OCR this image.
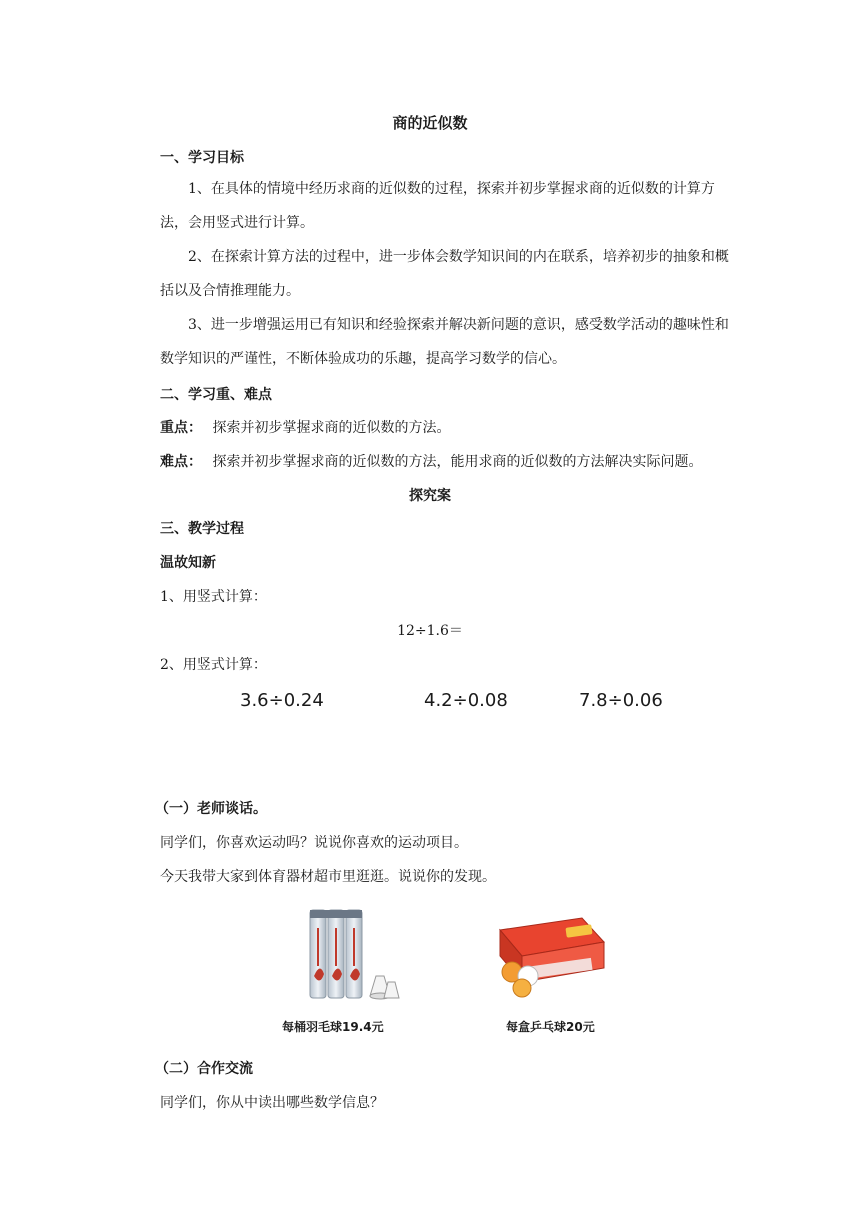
商的近似数
一、学习目标
1、在具体的情境中经历求商的近似数的过程，探索并初步掌握求商的近似数的计算方法，会用竖式进行计算。
2、在探索计算方法的过程中，进一步体会数学知识间的内在联系，培养初步的抽象和概括以及合情推理能力。
3、进一步增强运用已有知识和经验探索并解决新问题的意识，感受数学活动的趣味性和数学知识的严谨性，不断体验成功的乐趣，提高学习数学的信心。
二、学习重、难点
重点： 探索并初步掌握求商的近似数的方法。
难点： 探索并初步掌握求商的近似数的方法，能用求商的近似数的方法解决实际问题。
探究案
三、教学过程
温故知新
1、用竖式计算：
12÷1.6＝
2、用竖式计算：
3.6÷0.24	4.2÷0.08	7.8÷0.06
（一）老师谈话。
同学们，你喜欢运动吗？说说你喜欢的运动项目。
今天我带大家到体育器材超市里逛逛。说说你的发现。
每桶羽毛球19.4元	每盒乒乓球20元
（二）合作交流
同学们，你从中读出哪些数学信息？
